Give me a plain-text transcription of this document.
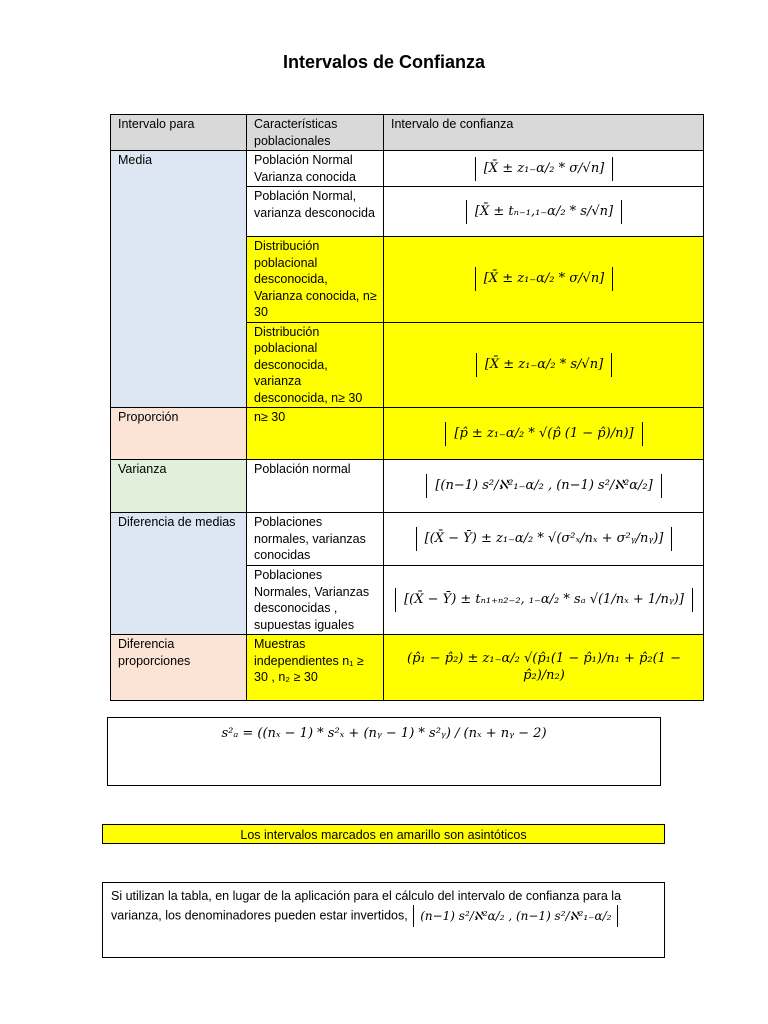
Intervalos de Confianza
Intervalo para	Características poblacionales	Intervalo de confianza
Media	Población Normal Varianza conocida	[X̄ ± z₁₋α/₂ * σ/√n]
	Población Normal, varianza desconocida	[X̄ ± tₙ₋₁,₁₋α/₂ * s/√n]
	Distribución poblacional desconocida, Varianza conocida, n≥ 30	[X̄ ± z₁₋α/₂ * σ/√n]
	Distribución poblacional desconocida, varianza desconocida, n≥ 30	[X̄ ± z₁₋α/₂ * s/√n]
Proporción	n≥ 30	[p̂ ± z₁₋α/₂ * √(p̂ (1 − p̂)/n)]
Varianza	Población normal	[(n−1) s²/ℵ²₁₋α/₂ , (n−1) s²/ℵ²α/₂]
Diferencia de medias	Poblaciones normales, varianzas conocidas	[(X̄ − Ȳ) ± z₁₋α/₂ * √(σ²ₓ/nₓ + σ²ᵧ/nᵧ)]
	Poblaciones Normales, Varianzas desconocidas , supuestas iguales	[(X̄ − Ȳ) ± tₙ₁₊ₙ₂₋₂, ₁₋α/₂ * sₐ √(1/nₓ + 1/nᵧ)]
Diferencia proporciones	Muestras independientes n₁ ≥ 30 , n₂ ≥ 30	(p̂₁ − p̂₂) ± z₁₋α/₂ √(p̂₁(1 − p̂₁)/n₁ + p̂₂(1 − p̂₂)/n₂)
s²ₐ = ((nₓ − 1) * s²ₓ + (nᵧ − 1) * s²ᵧ) / (nₓ + nᵧ − 2)
Los intervalos marcados en amarillo son asintóticos
Si utilizan la tabla, en lugar de la aplicación para el cálculo del intervalo de confianza para la varianza, los denominadores pueden estar invertidos, (n−1) s²/ℵ²α/₂ , (n−1) s²/ℵ²₁₋α/₂
